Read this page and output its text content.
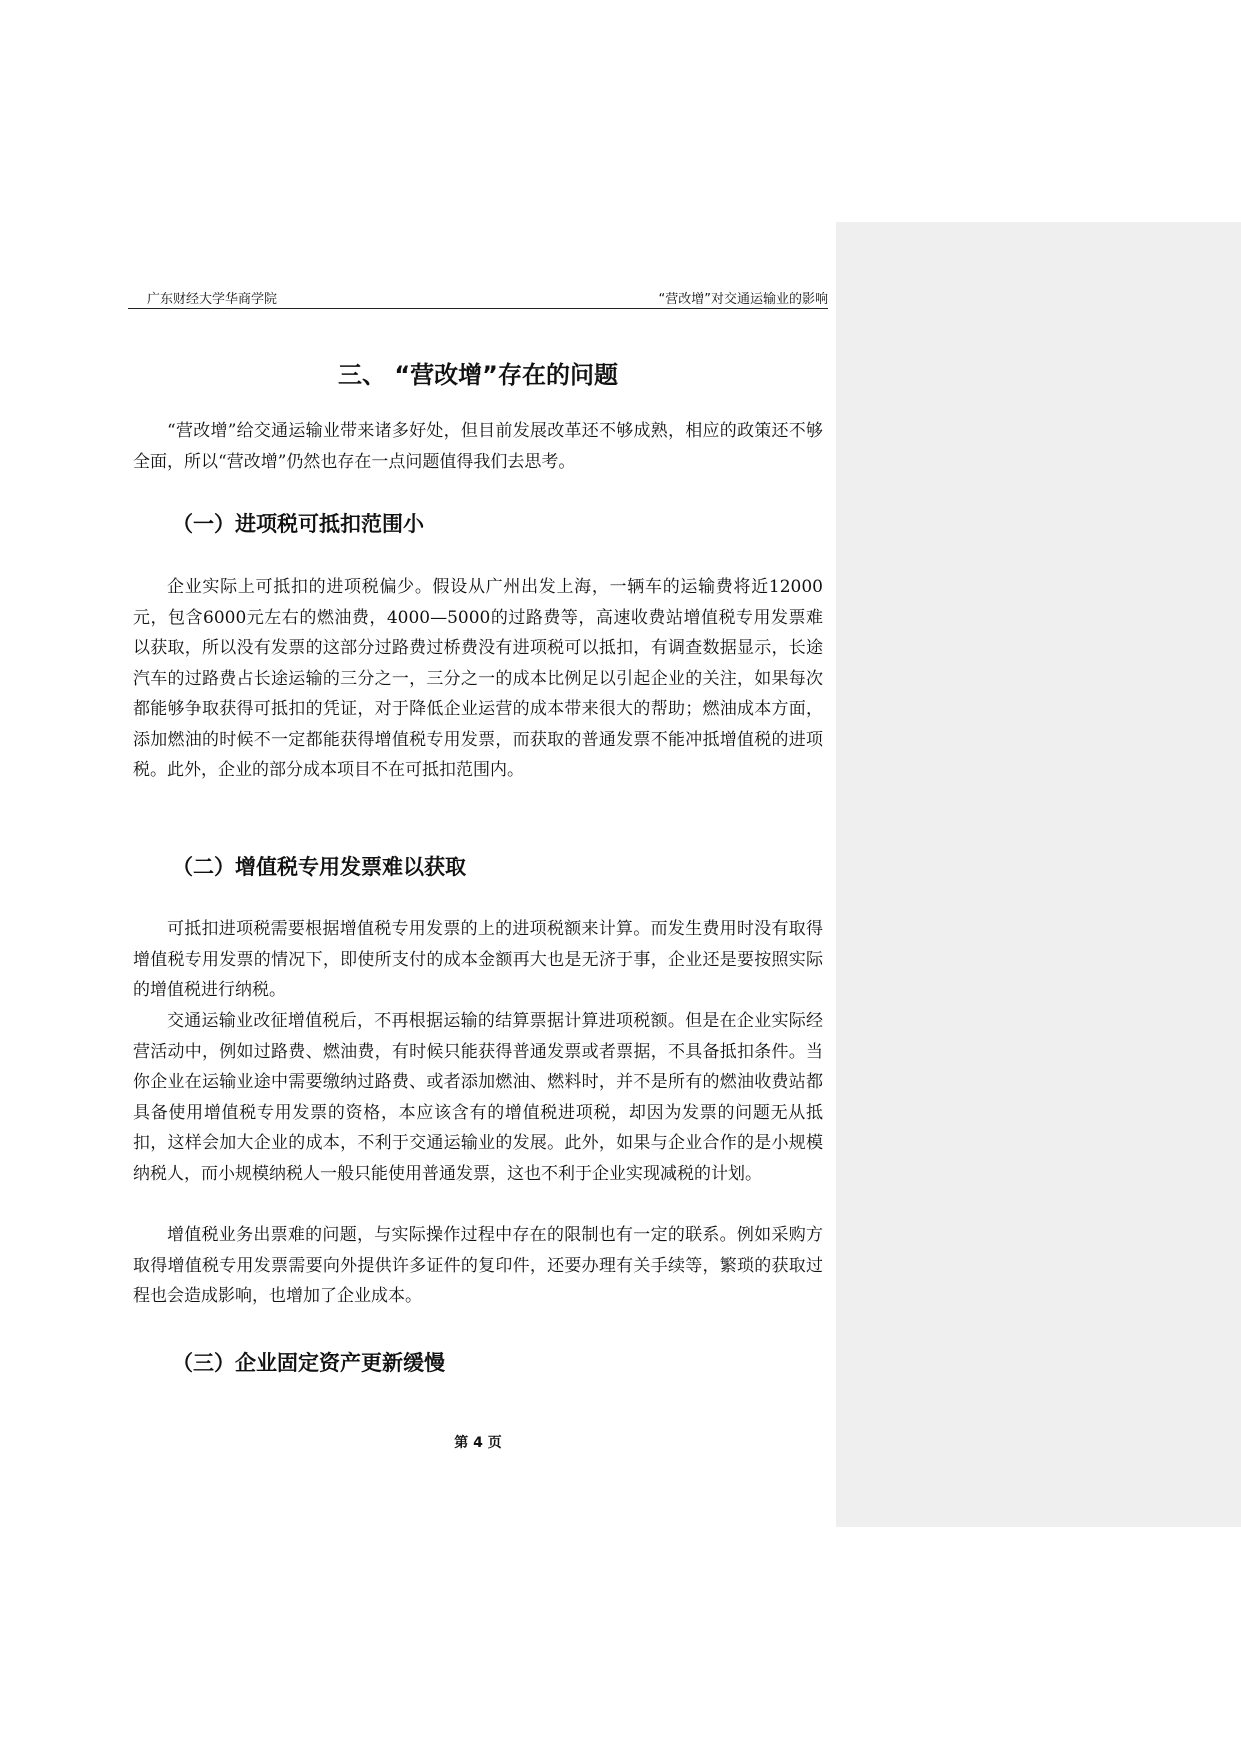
广东财经大学华商学院	“营改增”对交通运输业的影响
三、 “营改增”存在的问题

“营改增”给交通运输业带来诸多好处，但目前发展改革还不够成熟，相应的政策还不够全面，所以“营改增”仍然也存在一点问题值得我们去思考。

（一）进项税可抵扣范围小

企业实际上可抵扣的进项税偏少。假设从广州出发上海，一辆车的运输费将近12000元，包含6000元左右的燃油费，4000—5000的过路费等，高速收费站增值税专用发票难以获取，所以没有发票的这部分过路费过桥费没有进项税可以抵扣，有调查数据显示，长途汽车的过路费占长途运输的三分之一，三分之一的成本比例足以引起企业的关注，如果每次都能够争取获得可抵扣的凭证，对于降低企业运营的成本带来很大的帮助；燃油成本方面，添加燃油的时候不一定都能获得增值税专用发票，而获取的普通发票不能冲抵增值税的进项税。此外，企业的部分成本项目不在可抵扣范围内。

（二）增值税专用发票难以获取

可抵扣进项税需要根据增值税专用发票的上的进项税额来计算。而发生费用时没有取得增值税专用发票的情况下，即使所支付的成本金额再大也是无济于事，企业还是要按照实际的增值税进行纳税。

交通运输业改征增值税后，不再根据运输的结算票据计算进项税额。但是在企业实际经营活动中，例如过路费、燃油费，有时候只能获得普通发票或者票据，不具备抵扣条件。当你企业在运输业途中需要缴纳过路费、或者添加燃油、燃料时，并不是所有的燃油收费站都具备使用增值税专用发票的资格，本应该含有的增值税进项税，却因为发票的问题无从抵扣，这样会加大企业的成本，不利于交通运输业的发展。此外，如果与企业合作的是小规模纳税人，而小规模纳税人一般只能使用普通发票，这也不利于企业实现减税的计划。

增值税业务出票难的问题，与实际操作过程中存在的限制也有一定的联系。例如采购方取得增值税专用发票需要向外提供许多证件的复印件，还要办理有关手续等，繁琐的获取过程也会造成影响，也增加了企业成本。

（三）企业固定资产更新缓慢
第 4 页
